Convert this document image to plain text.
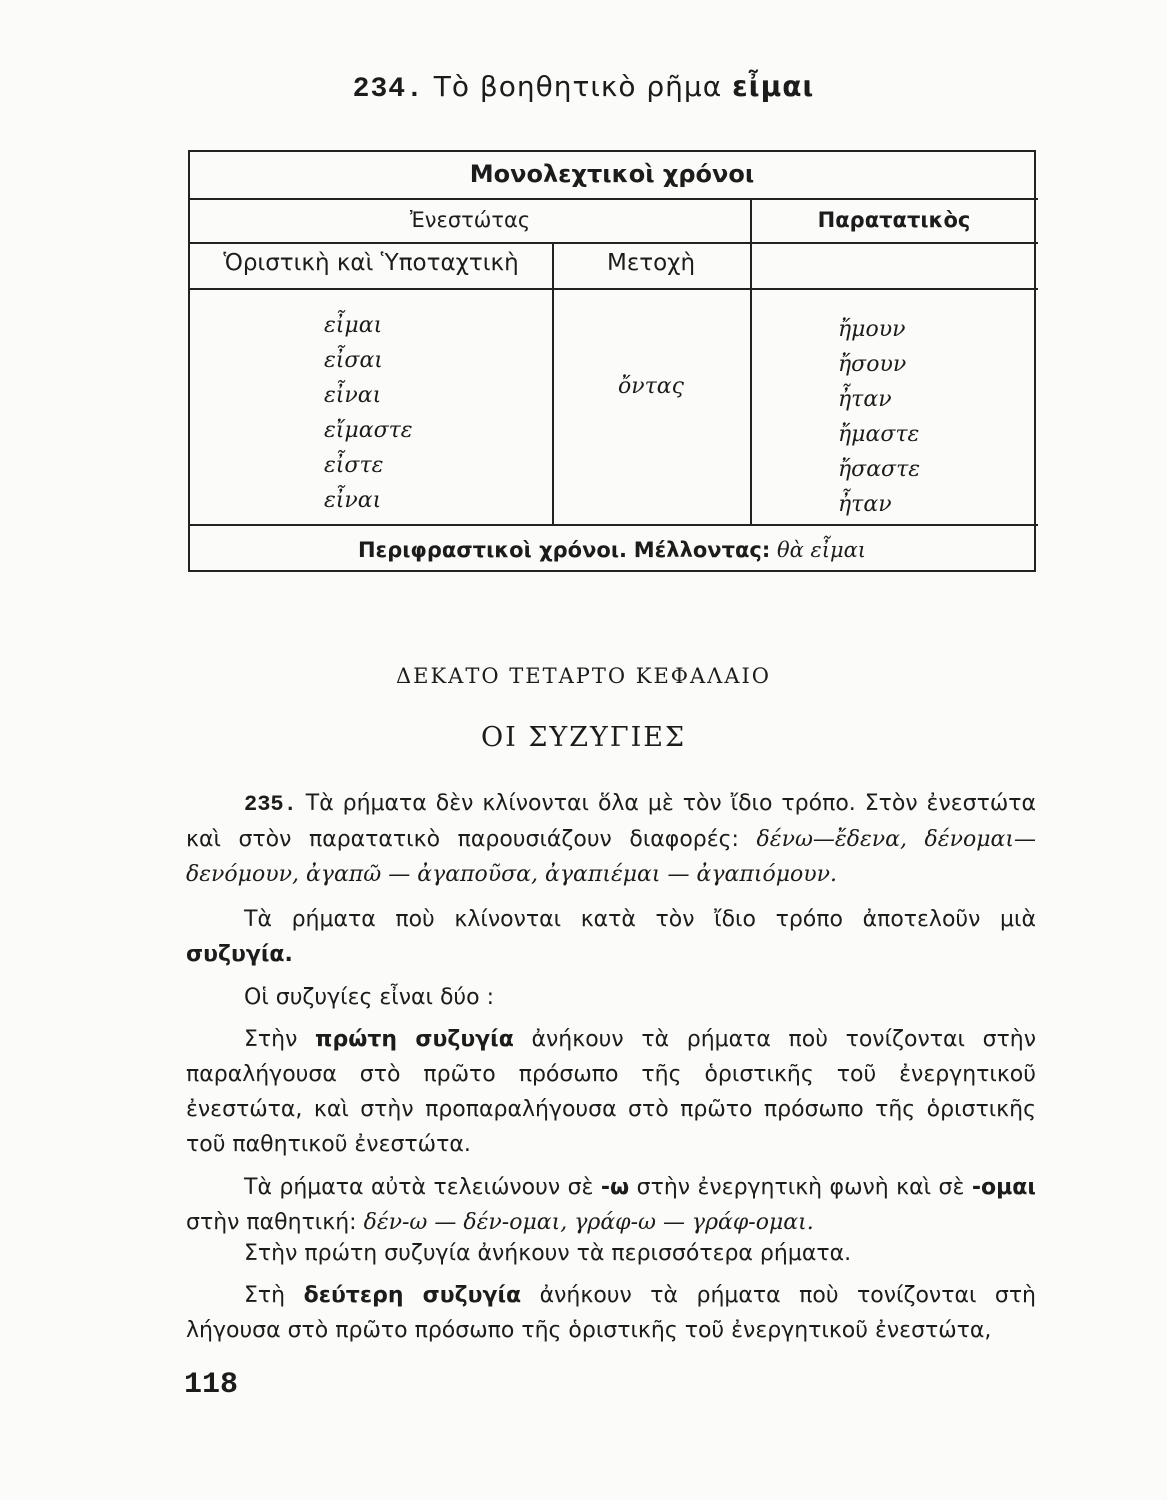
234. Τὸ βοηθητικὸ ρῆμα εἶμαι
Μονολεχτικοὶ χρόνοι
Ἐνεστώτας	Παρατατικὸς
Ὁριστικὴ καὶ Ὑποταχτικὴ	Μετοχὴ
εἶμαι
εἶσαι
εἶναι
εἴμαστε
εἶστε
εἶναι
ὄντας
ἤμουν
ἤσουν
ἦταν
ἤμαστε
ἤσαστε
ἦταν
Περιφραστικοὶ χρόνοι. Μέλλοντας: θὰ εἶμαι
ΔΕΚΑΤΟ ΤΕΤΑΡΤΟ ΚΕΦΑΛΑΙΟ
ΟΙ ΣΥΖΥΓΙΕΣ
235. Τὰ ρήματα δὲν κλίνονται ὅλα μὲ τὸν ἴδιο τρόπο. Στὸν ἐνεστώτα καὶ στὸν παρατατικὸ παρουσιάζουν διαφορές: δένω—ἔδενα, δένομαι—δενόμουν, ἀγαπῶ — ἀγαποῦσα, ἀγαπιέμαι — ἀγαπιόμουν.
Τὰ ρήματα ποὺ κλίνονται κατὰ τὸν ἴδιο τρόπο ἀποτελοῦν μιὰ συζυγία.
Οἱ συζυγίες εἶναι δύο :
Στὴν πρώτη συζυγία ἀνήκουν τὰ ρήματα ποὺ τονίζονται στὴν παραλήγουσα στὸ πρῶτο πρόσωπο τῆς ὁριστικῆς τοῦ ἐνεργητικοῦ ἐνεστώτα, καὶ στὴν προπαραλήγουσα στὸ πρῶτο πρόσωπο τῆς ὁριστικῆς τοῦ παθητικοῦ ἐνεστώτα.
Τὰ ρήματα αὐτὰ τελειώνουν σὲ -ω στὴν ἐνεργητικὴ φωνὴ καὶ σὲ -ομαι στὴν παθητική: δέν-ω — δέν-ομαι, γράφ-ω — γράφ-ομαι.
Στὴν πρώτη συζυγία ἀνήκουν τὰ περισσότερα ρήματα.
Στὴ δεύτερη συζυγία ἀνήκουν τὰ ρήματα ποὺ τονίζονται στὴ λήγουσα στὸ πρῶτο πρόσωπο τῆς ὁριστικῆς τοῦ ἐνεργητικοῦ ἐνεστώτα,
118
